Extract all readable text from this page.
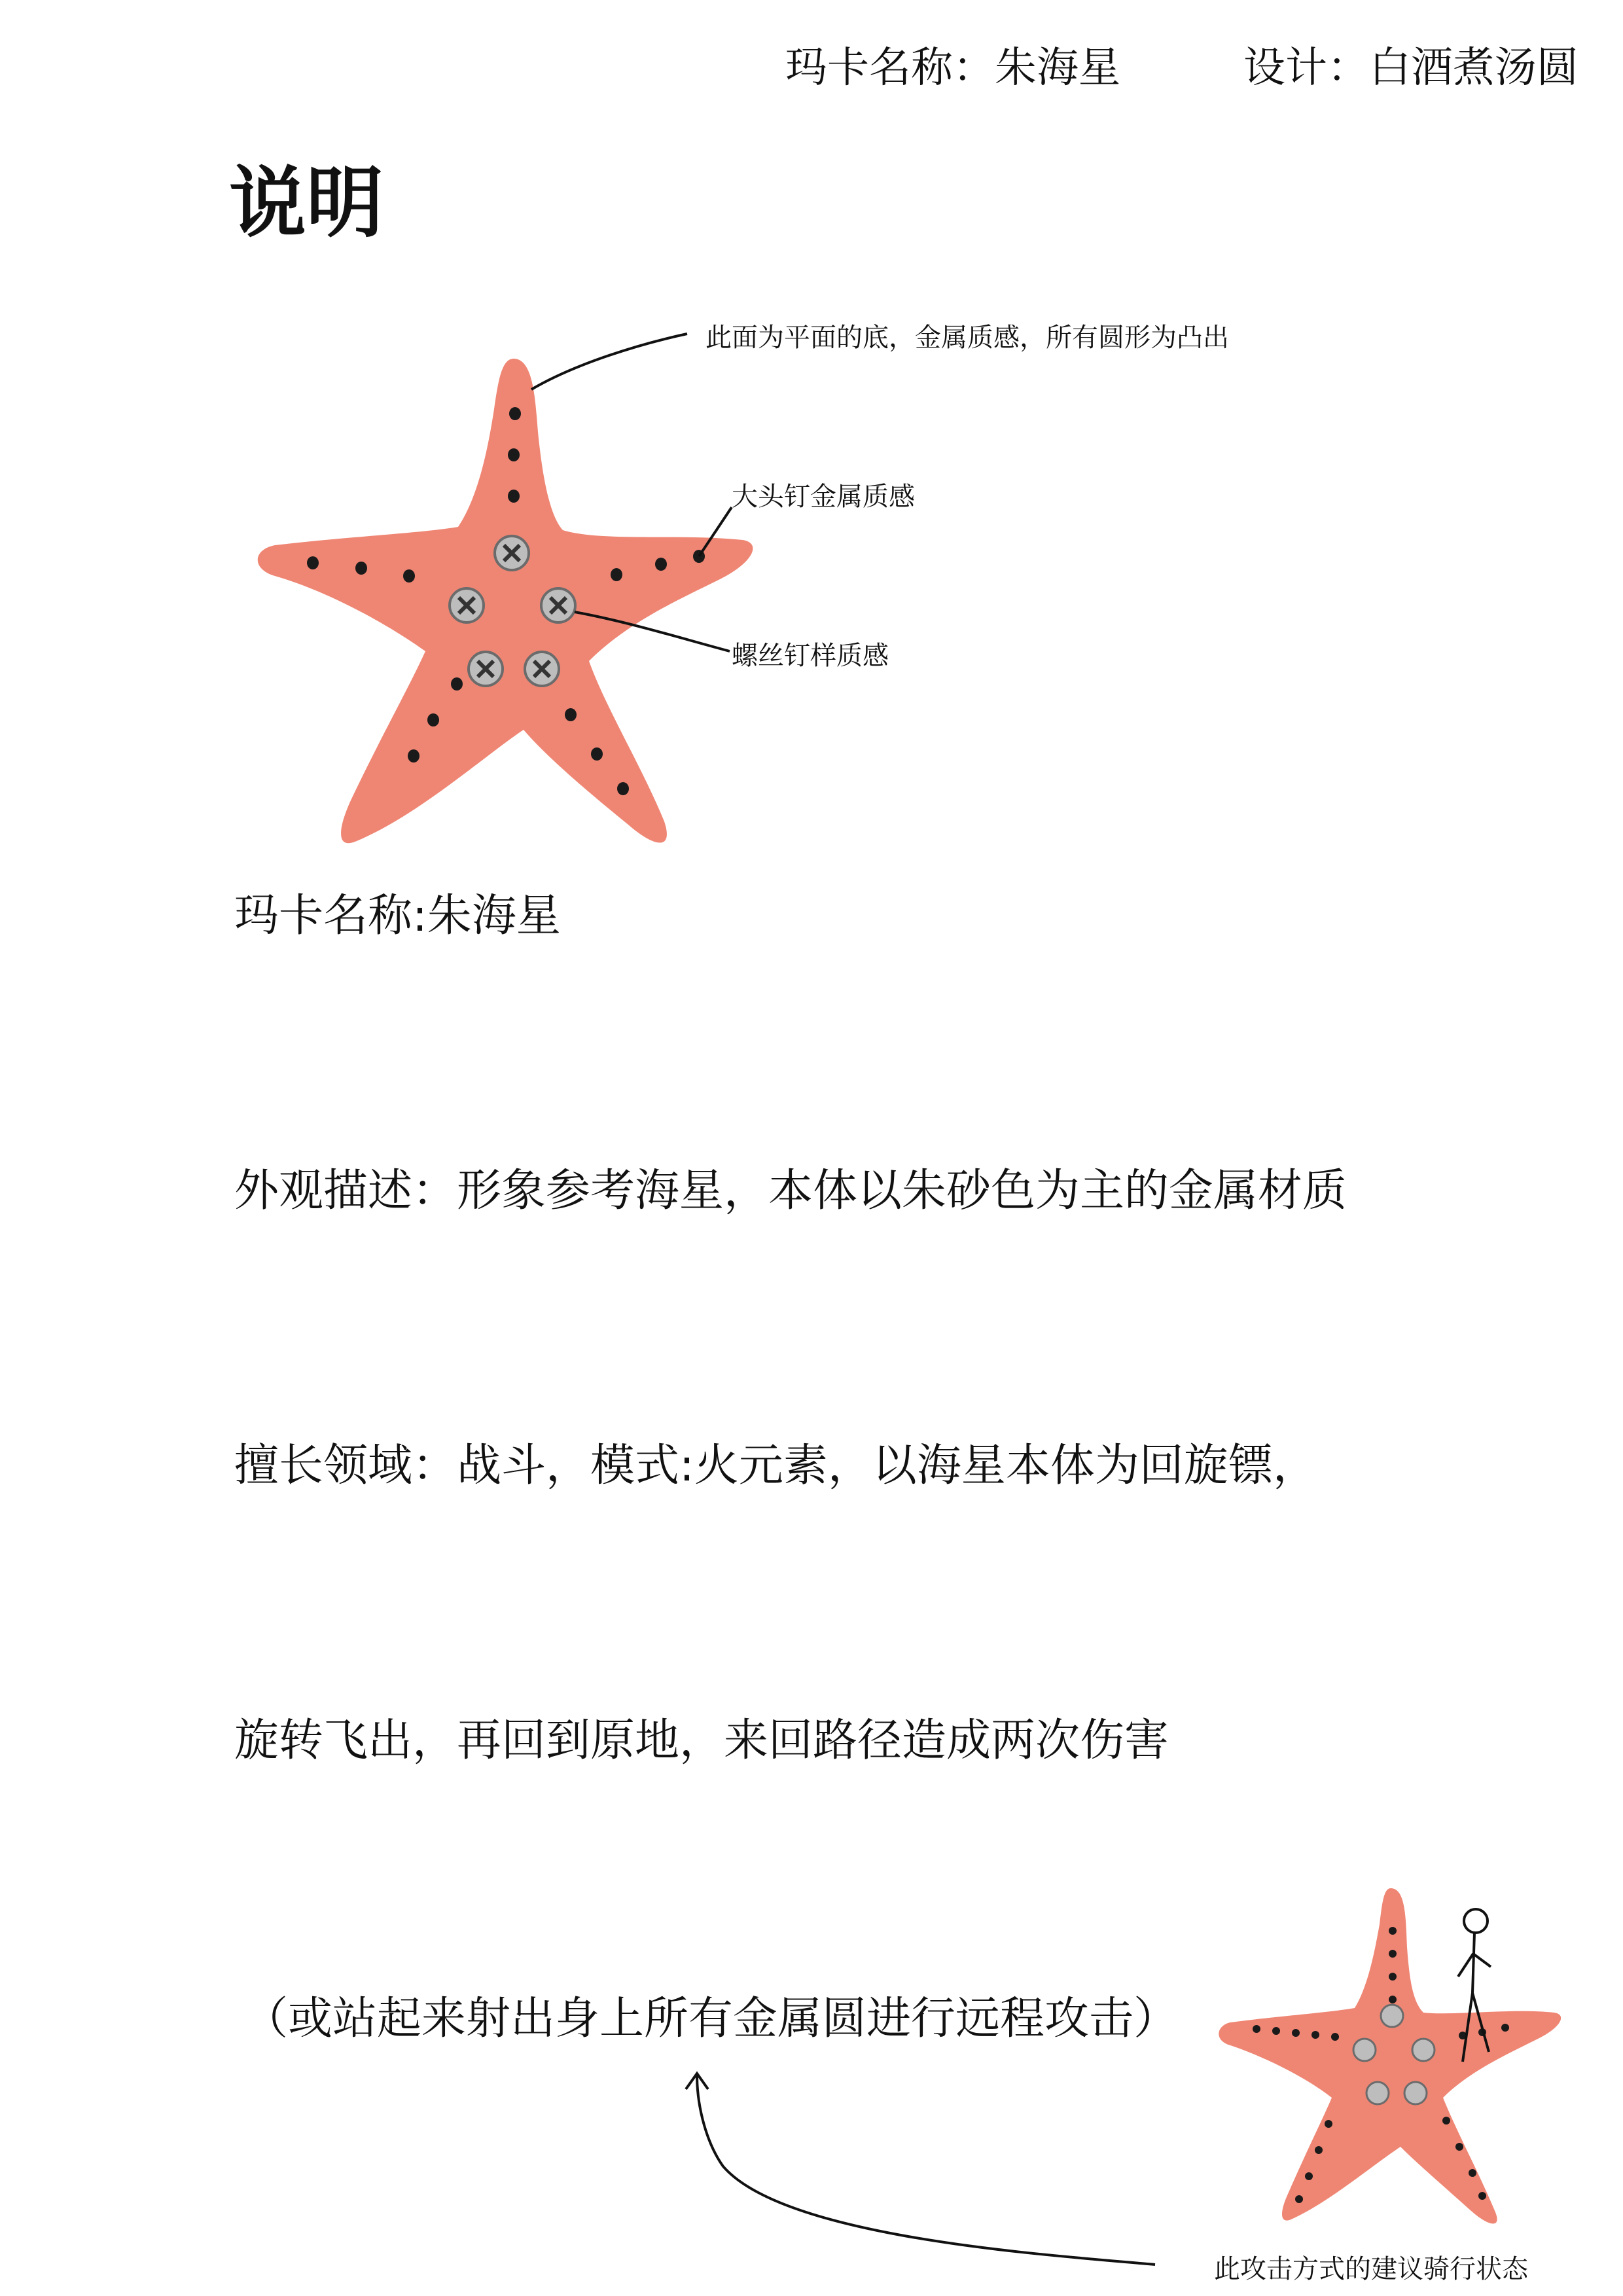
玛卡名称：朱海星	设计：白酒煮汤圆
说明
此面为平面的底，金属质感，所有圆形为凸出
大头钉金属质感
螺丝钉样质感
玛卡名称:朱海星
外观描述：形象参考海星，本体以朱砂色为主的金属材质
擅长领域：战斗，模式:火元素，以海星本体为回旋镖，
旋转飞出，再回到原地，来回路径造成两次伤害
（或站起来射出身上所有金属圆进行远程攻击）
此攻击方式的建议骑行状态
